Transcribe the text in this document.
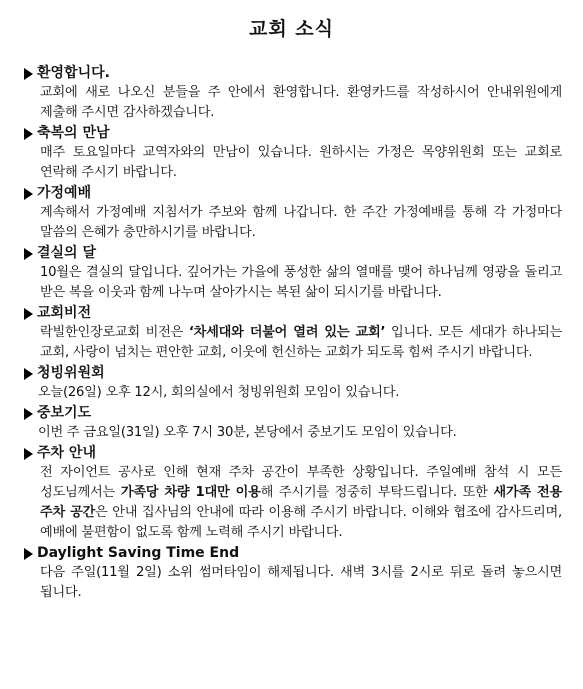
교회 소식
환영합니다.
교회에 새로 나오신 분들을 주 안에서 환영합니다. 환영카드를 작성하시어 안내위원에게 제출해 주시면 감사하겠습니다.
축복의 만남
매주 토요일마다 교역자와의 만남이 있습니다. 원하시는 가정은 목양위원회 또는 교회로 연락해 주시기 바랍니다.
가정예배
계속해서 가정예배 지침서가 주보와 함께 나갑니다. 한 주간 가정예배를 통해 각 가정마다 말씀의 은혜가 충만하시기를 바랍니다.
결실의 달
10월은 결실의 달입니다. 깊어가는 가을에 풍성한 삶의 열매를 맺어 하나님께 영광을 돌리고 받은 복을 이웃과 함께 나누며 살아가시는 복된 삶이 되시기를 바랍니다.
교회비전
락빌한인장로교회 비전은 ‘차세대와 더불어 열려 있는 교회’ 입니다. 모든 세대가 하나되는 교회, 사랑이 넘치는 편안한 교회, 이웃에 헌신하는 교회가 되도록 힘써 주시기 바랍니다.
청빙위원회
오늘(26일) 오후 12시, 회의실에서 청빙위원회 모임이 있습니다.
중보기도
이번 주 금요일(31일) 오후 7시 30분, 본당에서 중보기도 모임이 있습니다.
주차 안내
전 자이언트 공사로 인해 현재 주차 공간이 부족한 상황입니다. 주일예배 참석 시 모든 성도님께서는 가족당 차량 1대만 이용해 주시기를 정중히 부탁드립니다. 또한 새가족 전용 주차 공간은 안내 집사님의 안내에 따라 이용해 주시기 바랍니다. 이해와 협조에 감사드리며, 예배에 불편함이 없도록 함께 노력해 주시기 바랍니다.
Daylight Saving Time End
다음 주일(11월 2일) 소위 썸머타임이 해제됩니다. 새벽 3시를 2시로 뒤로 돌려 놓으시면 됩니다.
